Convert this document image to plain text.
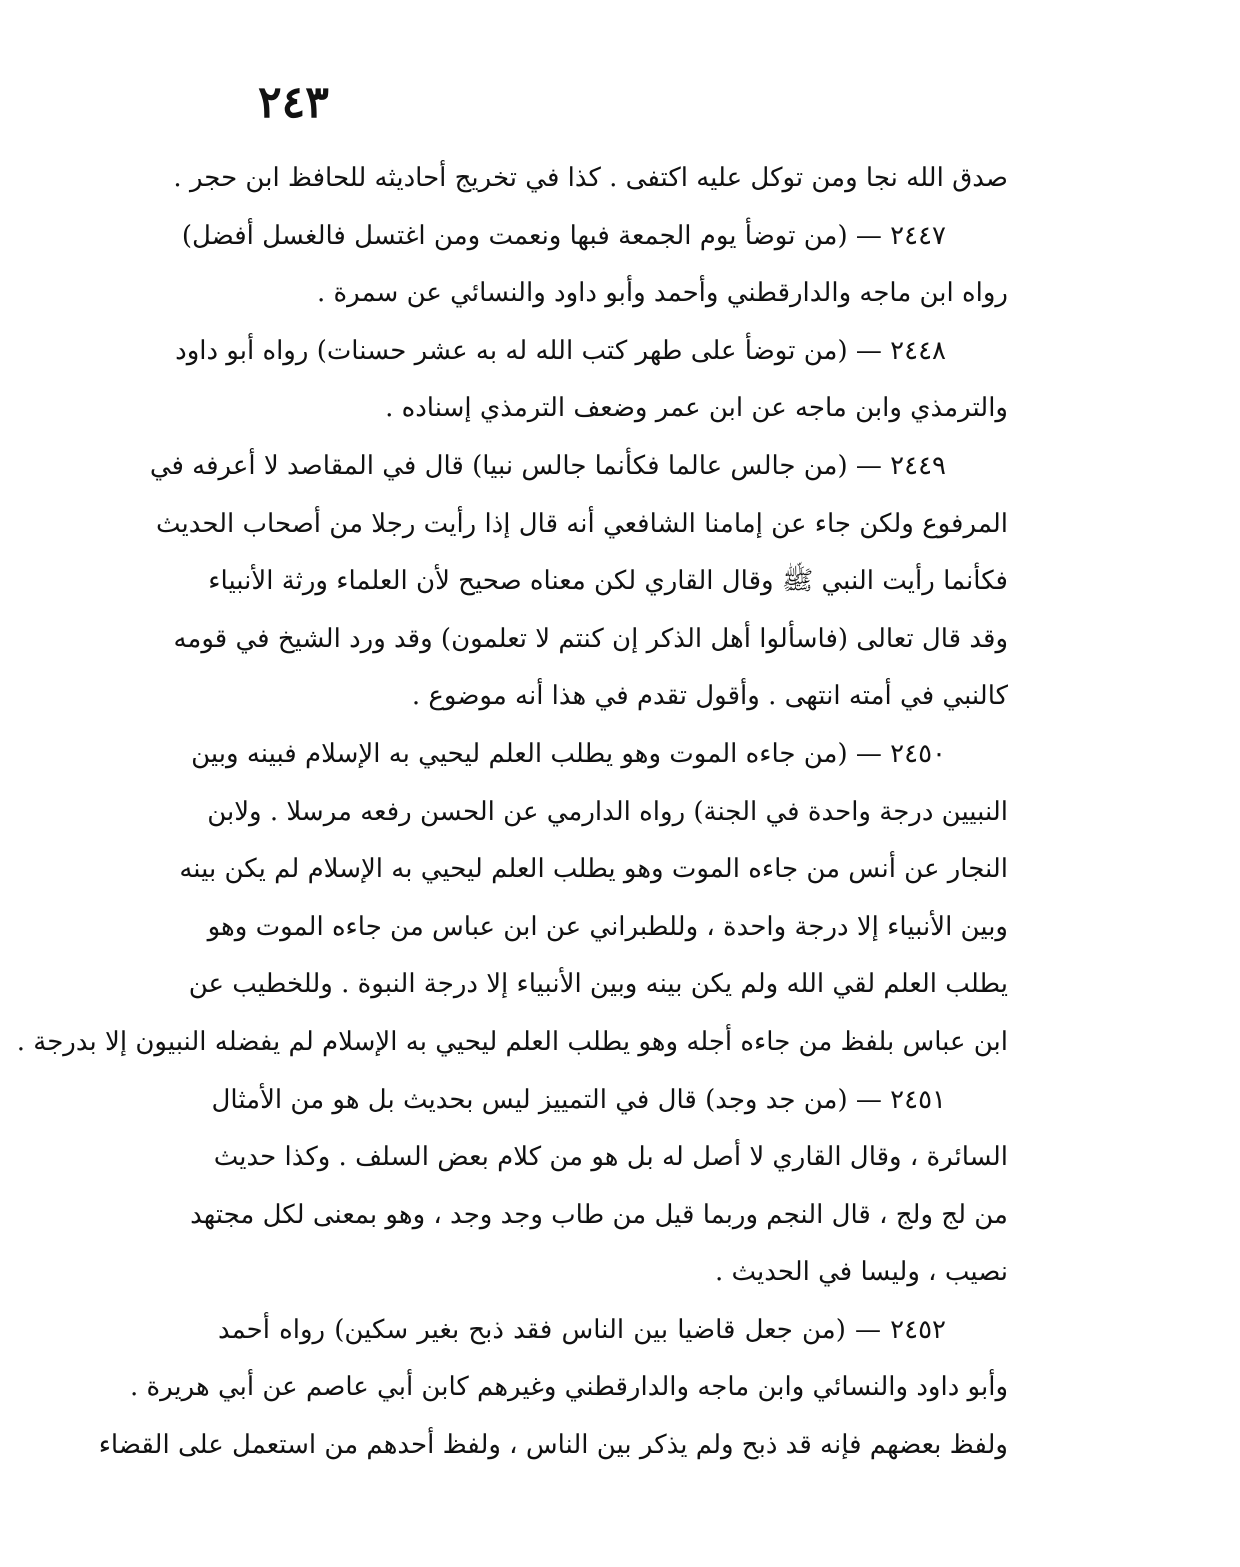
٢٤٣
صدق الله نجا ومن توكل عليه اكتفى . كذا في تخريج أحاديثه للحافظ ابن حجر .
٢٤٤٧ — (من توضأ يوم الجمعة فبها ونعمت ومن اغتسل فالغسل أفضل)
رواه ابن ماجه والدارقطني وأحمد وأبو داود والنسائي عن سمرة .
٢٤٤٨ — (من توضأ على طهر كتب الله له به عشر حسنات) رواه أبو داود
والترمذي وابن ماجه عن ابن عمر وضعف الترمذي إسناده .
٢٤٤٩ — (من جالس عالما فكأنما جالس نبيا) قال في المقاصد لا أعرفه في
المرفوع ولكن جاء عن إمامنا الشافعي أنه قال إذا رأيت رجلا من أصحاب الحديث
فكأنما رأيت النبي ﷺ وقال القاري لكن معناه صحيح لأن العلماء ورثة الأنبياء
وقد قال تعالى (فاسألوا أهل الذكر إن كنتم لا تعلمون) وقد ورد الشيخ في قومه
كالنبي في أمته انتهى . وأقول تقدم في هذا أنه موضوع .
٢٤٥٠ — (من جاءه الموت وهو يطلب العلم ليحيي به الإسلام فبينه وبين
النبيين درجة واحدة في الجنة) رواه الدارمي عن الحسن رفعه مرسلا . ولابن
النجار عن أنس من جاءه الموت وهو يطلب العلم ليحيي به الإسلام لم يكن بينه
وبين الأنبياء إلا درجة واحدة ، وللطبراني عن ابن عباس من جاءه الموت وهو
يطلب العلم لقي الله ولم يكن بينه وبين الأنبياء إلا درجة النبوة . وللخطيب عن
ابن عباس بلفظ من جاءه أجله وهو يطلب العلم ليحيي به الإسلام لم يفضله النبيون إلا بدرجة .
٢٤٥١ — (من جد وجد) قال في التمييز ليس بحديث بل هو من الأمثال
السائرة ، وقال القاري لا أصل له بل هو من كلام بعض السلف . وكذا حديث
من لج ولج ، قال النجم وربما قيل من طاب وجد وجد ، وهو بمعنى لكل مجتهد
نصيب ، وليسا في الحديث .
٢٤٥٢ — (من جعل قاضيا بين الناس فقد ذبح بغير سكين) رواه أحمد
وأبو داود والنسائي وابن ماجه والدارقطني وغيرهم كابن أبي عاصم عن أبي هريرة .
ولفظ بعضهم فإنه قد ذبح ولم يذكر بين الناس ، ولفظ أحدهم من استعمل على القضاء
